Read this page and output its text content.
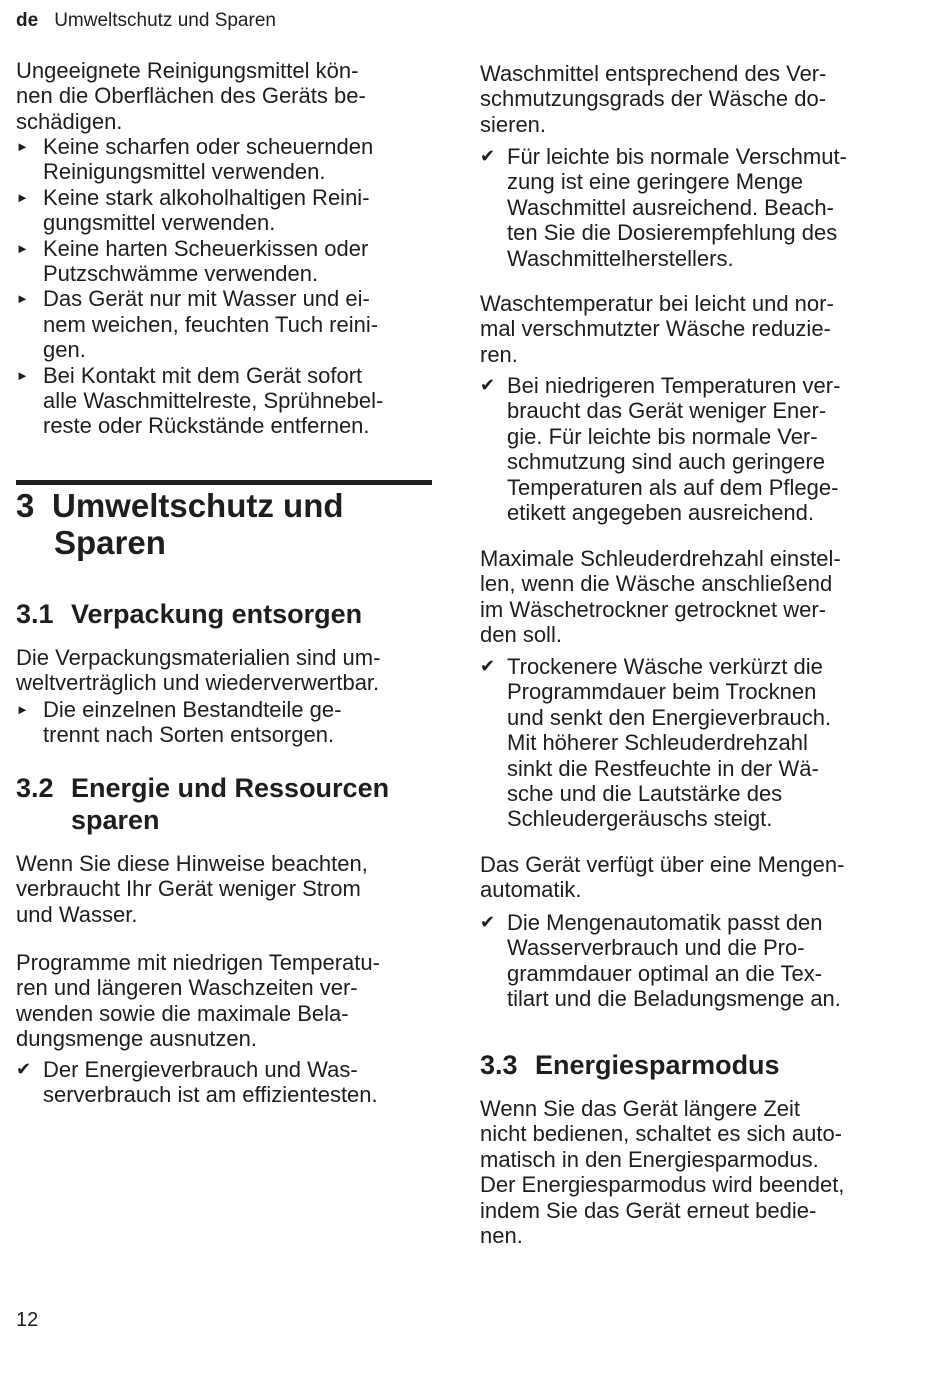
de Umweltschutz und Sparen

Ungeeignete Reinigungsmittel kön-
nen die Oberflächen des Geräts be-
schädigen.

► Keine scharfen oder scheuernden
Reinigungsmittel verwenden.
► Keine stark alkoholhaltigen Reini-
gungsmittel verwenden.
► Keine harten Scheuerkissen oder
Putzschwämme verwenden.
► Das Gerät nur mit Wasser und ei-
nem weichen, feuchten Tuch reini-
gen.
► Bei Kontakt mit dem Gerät sofort
alle Waschmittelreste, Sprühnebel-
reste oder Rückstände entfernen.
3 Umweltschutz und
Sparen
3.1 Verpackung entsorgen

Die Verpackungsmaterialien sind um-
weltverträglich und wiederverwertbar.

► Die einzelnen Bestandteile ge-
trennt nach Sorten entsorgen.
3.2 Energie und Ressourcen
sparen

Wenn Sie diese Hinweise beachten,
verbraucht Ihr Gerät weniger Strom
und Wasser.

Programme mit niedrigen Temperatu-
ren und längeren Waschzeiten ver-
wenden sowie die maximale Bela-
dungsmenge ausnutzen.

✔ Der Energieverbrauch und Was-
serverbrauch ist am effizientesten.

Waschmittel entsprechend des Ver-
schmutzungsgrads der Wäsche do-
sieren.

✔ Für leichte bis normale Verschmut-
zung ist eine geringere Menge
Waschmittel ausreichend. Beach-
ten Sie die Dosierempfehlung des
Waschmittelherstellers.

Waschtemperatur bei leicht und nor-
mal verschmutzter Wäsche reduzie-
ren.

✔ Bei niedrigeren Temperaturen ver-
braucht das Gerät weniger Ener-
gie. Für leichte bis normale Ver-
schmutzung sind auch geringere
Temperaturen als auf dem Pflege-
etikett angegeben ausreichend.

Maximale Schleuderdrehzahl einstel-
len, wenn die Wäsche anschließend
im Wäschetrockner getrocknet wer-
den soll.

✔ Trockenere Wäsche verkürzt die
Programmdauer beim Trocknen
und senkt den Energieverbrauch.
Mit höherer Schleuderdrehzahl
sinkt die Restfeuchte in der Wä-
sche und die Lautstärke des
Schleudergeräuschs steigt.

Das Gerät verfügt über eine Mengen-
automatik.

✔ Die Mengenautomatik passt den
Wasserverbrauch und die Pro-
grammdauer optimal an die Tex-
tilart und die Beladungsmenge an.
3.3 Energiesparmodus

Wenn Sie das Gerät längere Zeit
nicht bedienen, schaltet es sich auto-
matisch in den Energiesparmodus.
Der Energiesparmodus wird beendet,
indem Sie das Gerät erneut bedie-
nen.

12
